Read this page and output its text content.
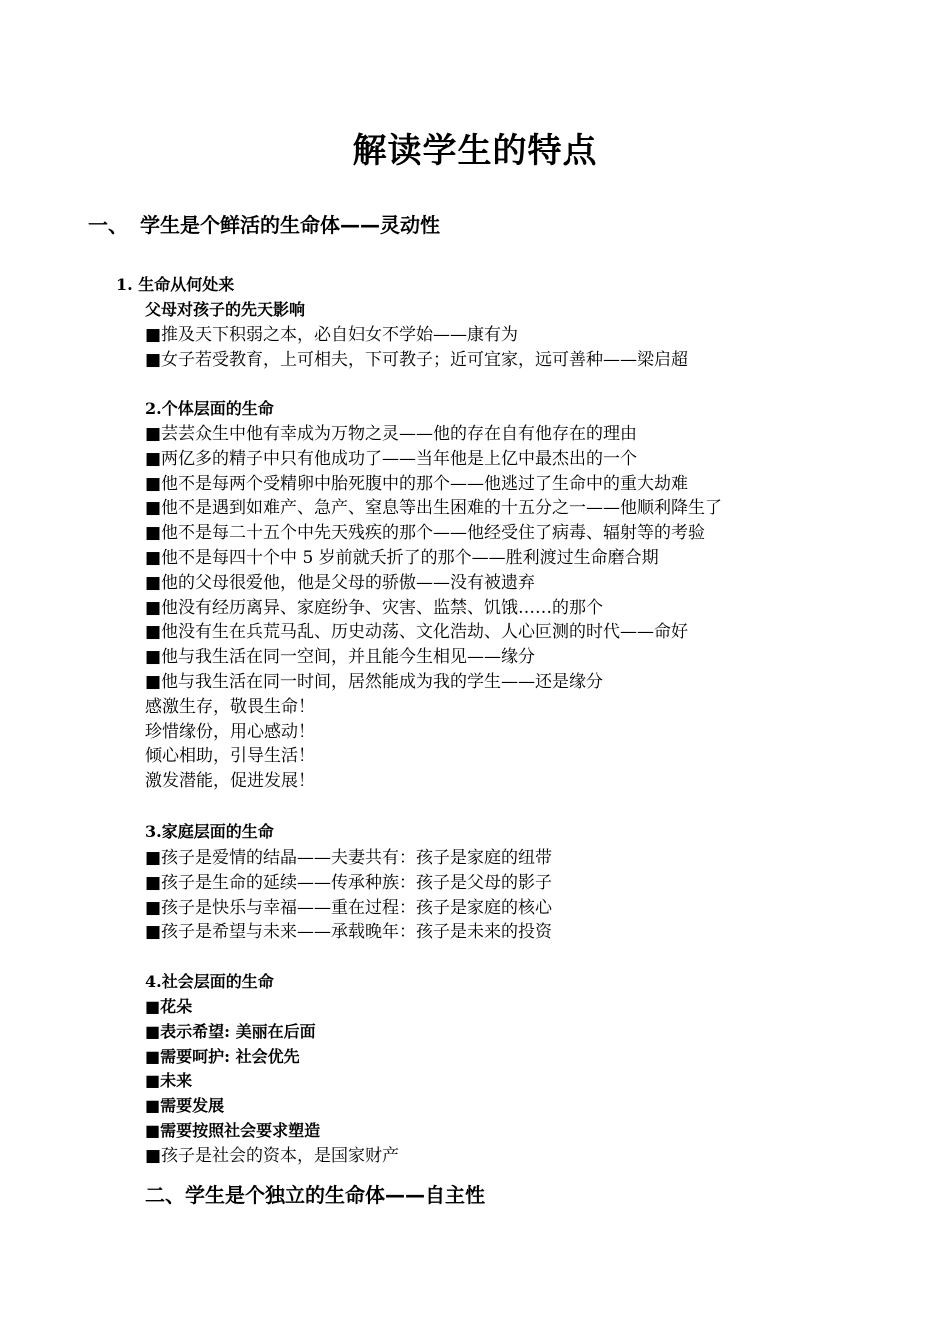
解读学生的特点
一、 学生是个鲜活的生命体——灵动性
1. 生命从何处来
父母对孩子的先天影响
■推及天下积弱之本，必自妇女不学始——康有为
■女子若受教育，上可相夫，下可教子；近可宜家，远可善种——梁启超
2.个体层面的生命
■芸芸众生中他有幸成为万物之灵——他的存在自有他存在的理由
■两亿多的精子中只有他成功了——当年他是上亿中最杰出的一个
■他不是每两个受精卵中胎死腹中的那个——他逃过了生命中的重大劫难
■他不是遇到如难产、急产、窒息等出生困难的十五分之一——他顺利降生了
■他不是每二十五个中先天残疾的那个——他经受住了病毒、辐射等的考验
■他不是每四十个中 5 岁前就夭折了的那个——胜利渡过生命磨合期
■他的父母很爱他，他是父母的骄傲——没有被遗弃
■他没有经历离异、家庭纷争、灾害、监禁、饥饿……的那个
■他没有生在兵荒马乱、历史动荡、文化浩劫、人心叵测的时代——命好
■他与我生活在同一空间，并且能今生相见——缘分
■他与我生活在同一时间，居然能成为我的学生——还是缘分
感激生存，敬畏生命！
珍惜缘份，用心感动！
倾心相助，引导生活！
激发潜能，促进发展！
3.家庭层面的生命
■孩子是爱情的结晶——夫妻共有：孩子是家庭的纽带
■孩子是生命的延续——传承种族：孩子是父母的影子
■孩子是快乐与幸福——重在过程：孩子是家庭的核心
■孩子是希望与未来——承载晚年：孩子是未来的投资
4.社会层面的生命
■花朵
■表示希望: 美丽在后面
■需要呵护: 社会优先
■未来
■需要发展
■需要按照社会要求塑造
■孩子是社会的资本，是国家财产
二、学生是个独立的生命体——自主性
